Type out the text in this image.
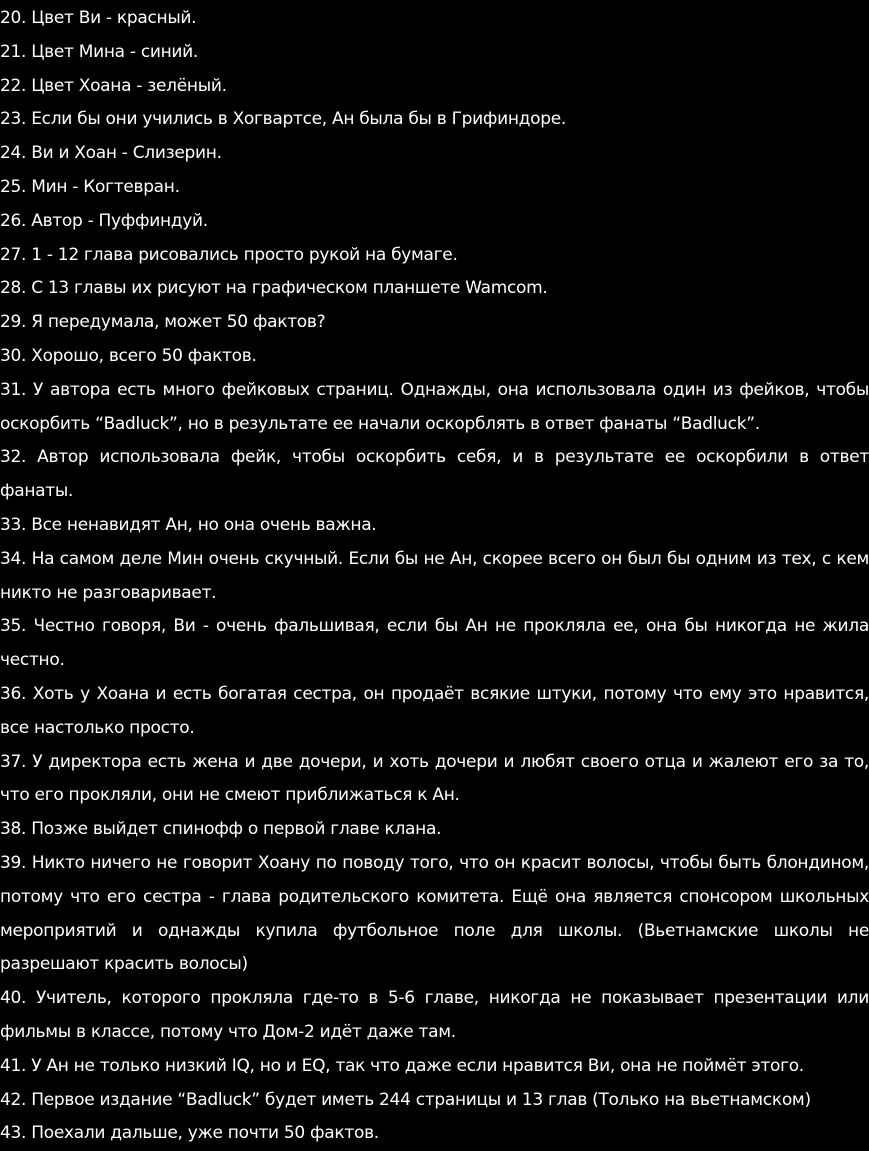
20. Цвет Ви - красный.

21. Цвет Мина - синий.

22. Цвет Хоана - зелёный.

23. Если бы они учились в Хогвартсе, Ан была бы в Грифиндоре.

24. Ви и Хоан - Слизерин.

25. Мин - Когтевран.

26. Автор - Пуффиндуй.

27. 1 - 12 глава рисовались просто рукой на бумаге.

28. С 13 главы их рисуют на графическом планшете Wamcom.

29. Я передумала, может 50 фактов?

30. Хорошо, всего 50 фактов.

31. У автора есть много фейковых страниц. Однажды, она использовала один из фейков, чтобы оскорбить “Badluck”, но в результате ее начали оскорблять в ответ фанаты “Badluck”.

32. Автор использовала фейк, чтобы оскорбить себя, и в результате ее оскорбили в ответ фанаты.

33. Все ненавидят Ан, но она очень важна.

34. На самом деле Мин очень скучный. Если бы не Ан, скорее всего он был бы одним из тех, с кем никто не разговаривает.

35. Честно говоря, Ви - очень фальшивая, если бы Ан не прокляла ее, она бы никогда не жила честно.

36. Хоть у Хоана и есть богатая сестра, он продаёт всякие штуки, потому что ему это нравится, все настолько просто.

37. У директора есть жена и две дочери, и хоть дочери и любят своего отца и жалеют его за то, что его прокляли, они не смеют приближаться к Ан.

38. Позже выйдет спинофф о первой главе клана.

39. Никто ничего не говорит Хоану по поводу того, что он красит волосы, чтобы быть блондином, потому что его сестра - глава родительского комитета. Ещё она является спонсором школьных мероприятий и однажды купила футбольное поле для школы. (Вьетнамские школы не разрешают красить волосы)

40. Учитель, которого прокляла где-то в 5-6 главе, никогда не показывает презентации или фильмы в классе, потому что Дом-2 идёт даже там.

41. У Ан не только низкий IQ, но и EQ, так что даже если нравится Ви, она не поймёт этого.

42. Первое издание “Badluck” будет иметь 244 страницы и 13 глав (Только на вьетнамском)

43. Поехали дальше, уже почти 50 фактов.
